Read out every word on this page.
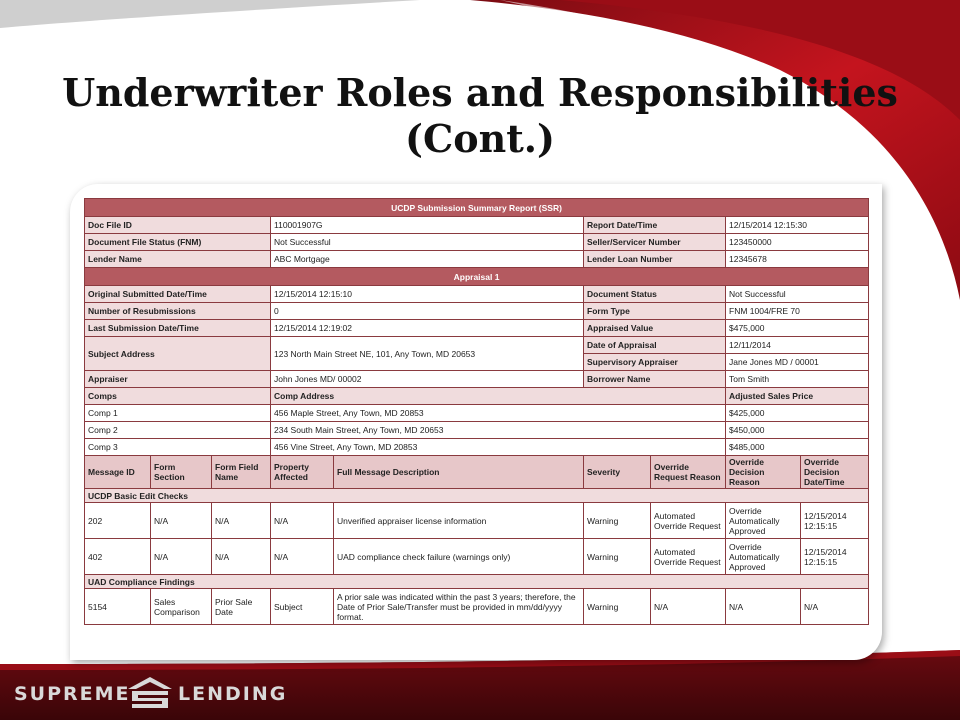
Underwriter Roles and Responsibilities
(Cont.)
UCDP Submission Summary Report (SSR)								
Doc File ID			110001907G		Report Date/Time		12/15/2014 12:15:30	
Document File Status (FNM)			Not Successful		Seller/Servicer Number		123450000	
Lender Name			ABC Mortgage		Lender Loan Number		12345678	
Appraisal 1								
Original Submitted Date/Time			12/15/2014 12:15:10		Document Status		Not Successful	
Number of Resubmissions			0		Form Type		FNM 1004/FRE 70	
Last Submission Date/Time			12/15/2014 12:19:02		Appraised Value		$475,000	
Subject Address			123 North Main Street NE, 101, Any Town, MD 20653		Date of Appraisal		12/11/2014	
					Supervisory Appraiser		Jane Jones MD / 00001	
Appraiser			John Jones MD/ 00002		Borrower Name		Tom Smith	
Comps			Comp Address				Adjusted Sales Price	
Comp 1			456 Maple Street, Any Town, MD 20853				$425,000	
Comp 2			234 South Main Street, Any Town, MD 20653				$450,000	
Comp 3			456 Vine Street, Any Town, MD 20853				$485,000	
Message ID	Form Section	Form Field Name	Property Affected	Full Message Description	Severity	Override Request Reason	Override Decision Reason	Override Decision Date/Time
UCDP Basic Edit Checks								
202	N/A	N/A	N/A	Unverified appraiser license information	Warning	Automated Override Request	Override Automatically Approved	12/15/2014 12:15:15
402	N/A	N/A	N/A	UAD compliance check failure (warnings only)	Warning	Automated Override Request	Override Automatically Approved	12/15/2014 12:15:15
UAD Compliance Findings								
5154	Sales Comparison	Prior Sale Date	Subject	A prior sale was indicated within the past 3 years; therefore, the Date of Prior Sale/Transfer must be provided in mm/dd/yyyy format.	Warning	N/A	N/A	N/A
SUPREME LENDING
